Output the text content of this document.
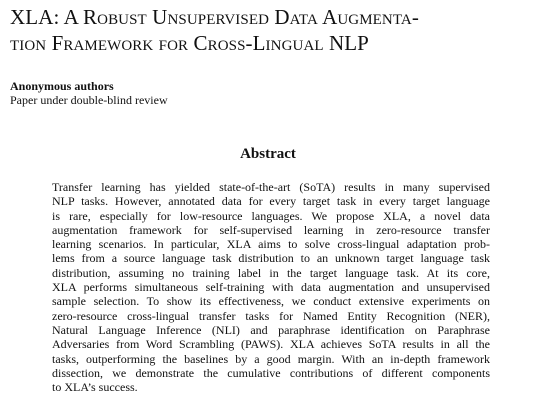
XLA: A Robust Unsupervised Data Augmenta-
tion Framework for Cross-Lingual NLP
Anonymous authors
Paper under double-blind review
Abstract
Transfer learning has yielded state-of-the-art (SoTA) results in many supervised
NLP tasks. However, annotated data for every target task in every target language
is rare, especially for low-resource languages. We propose XLA, a novel data
augmentation framework for self-supervised learning in zero-resource transfer
learning scenarios. In particular, XLA aims to solve cross-lingual adaptation prob-
lems from a source language task distribution to an unknown target language task
distribution, assuming no training label in the target language task. At its core,
XLA performs simultaneous self-training with data augmentation and unsupervised
sample selection. To show its effectiveness, we conduct extensive experiments on
zero-resource cross-lingual transfer tasks for Named Entity Recognition (NER),
Natural Language Inference (NLI) and paraphrase identification on Paraphrase
Adversaries from Word Scrambling (PAWS). XLA achieves SoTA results in all the
tasks, outperforming the baselines by a good margin. With an in-depth framework
dissection, we demonstrate the cumulative contributions of different components
to XLA’s success.
